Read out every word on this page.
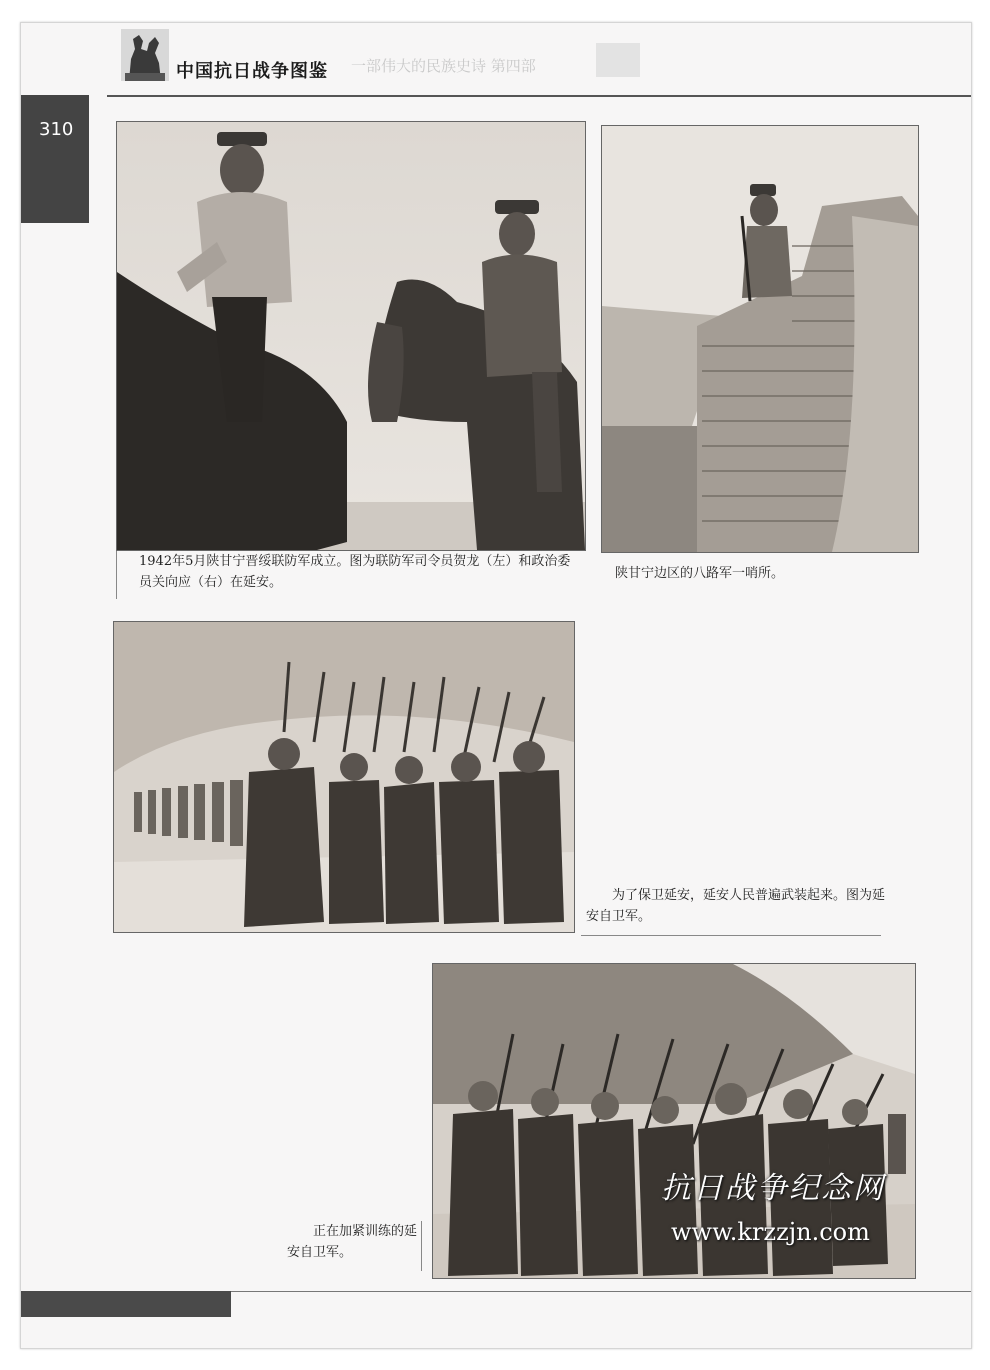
中国抗日战争图鉴 一部伟大的民族史诗 第四部
310
1942年5月陕甘宁晋绥联防军成立。图为联防军司令员贺龙（左）和政治委员关向应（右）在延安。
陕甘宁边区的八路军一哨所。
为了保卫延安，延安人民普遍武装起来。图为延安自卫军。
正在加紧训练的延安自卫军。
抗日战争纪念网
www.krzzjn.com
